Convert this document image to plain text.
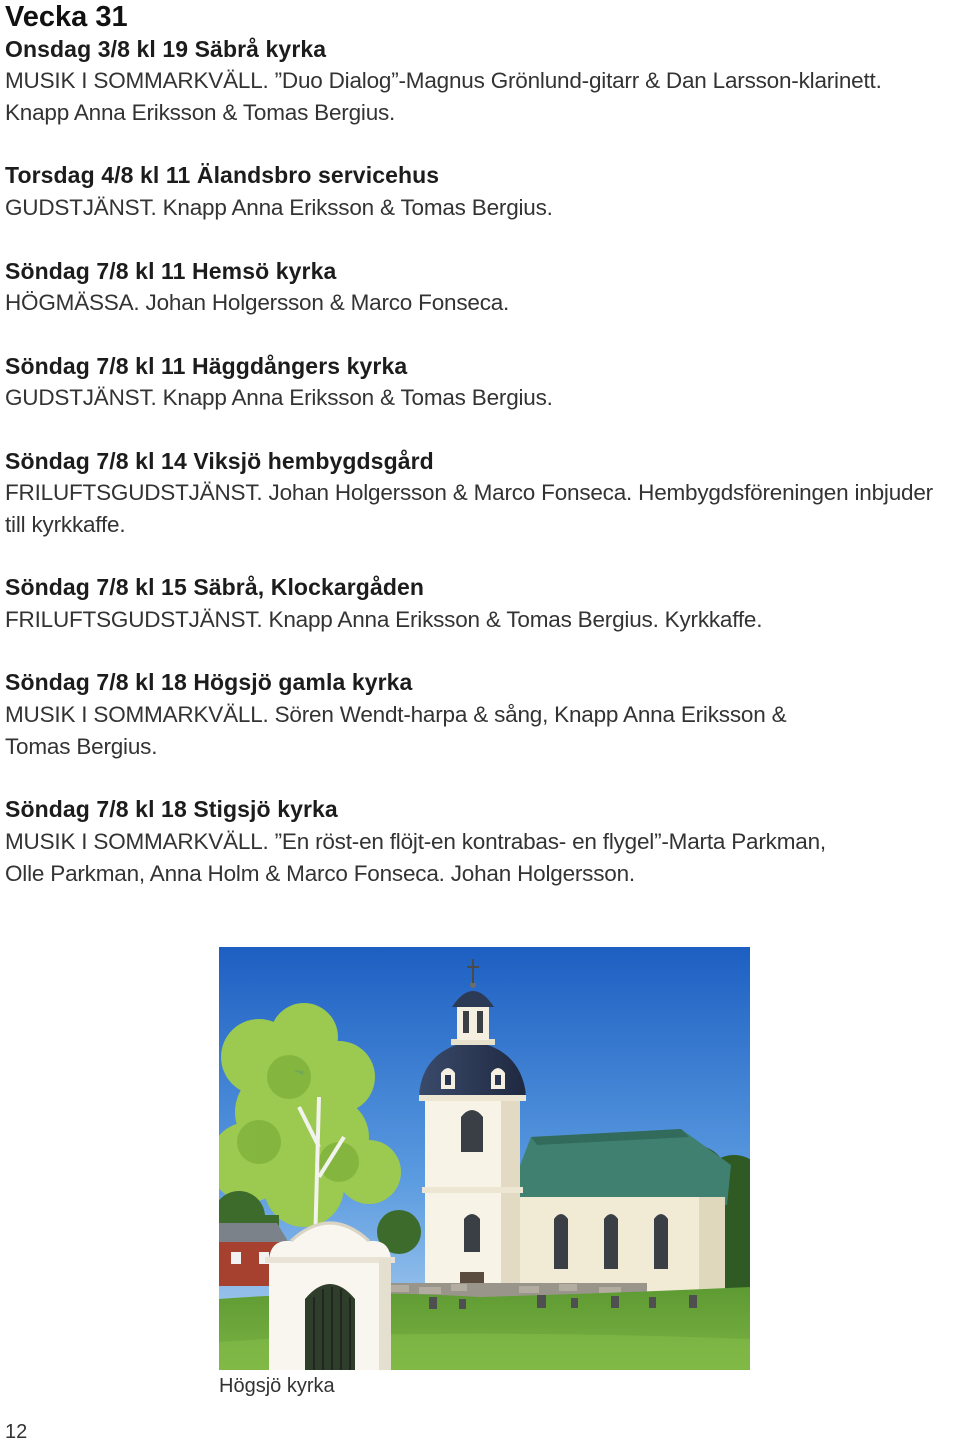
Vecka 31
Onsdag 3/8 kl 19 Säbrå kyrka
MUSIK I SOMMARKVÄLL. ”Duo Dialog”-Magnus Grönlund-gitarr & Dan Larsson-klarinett.
Knapp Anna Eriksson & Tomas Bergius.
Torsdag 4/8 kl 11 Älandsbro servicehus
GUDSTJÄNST. Knapp Anna Eriksson & Tomas Bergius.
Söndag 7/8 kl 11 Hemsö kyrka
HÖGMÄSSA. Johan Holgersson & Marco Fonseca.
Söndag 7/8 kl 11 Häggdångers kyrka
GUDSTJÄNST. Knapp Anna Eriksson & Tomas Bergius.
Söndag 7/8 kl 14 Viksjö hembygdsgård
FRILUFTSGUDSTJÄNST. Johan Holgersson & Marco Fonseca. Hembygdsföreningen inbjuder
till kyrkkaffe.
Söndag 7/8 kl 15 Säbrå, Klockargåden
FRILUFTSGUDSTJÄNST. Knapp Anna Eriksson & Tomas Bergius. Kyrkkaffe.
Söndag 7/8 kl 18 Högsjö gamla kyrka
MUSIK I SOMMARKVÄLL. Sören Wendt-harpa & sång, Knapp Anna Eriksson &
Tomas Bergius.
Söndag 7/8 kl 18 Stigsjö kyrka
MUSIK I SOMMARKVÄLL. ”En röst-en flöjt-en kontrabas- en flygel”-Marta Parkman,
Olle Parkman, Anna Holm & Marco Fonseca. Johan Holgersson.
Högsjö kyrka
12
